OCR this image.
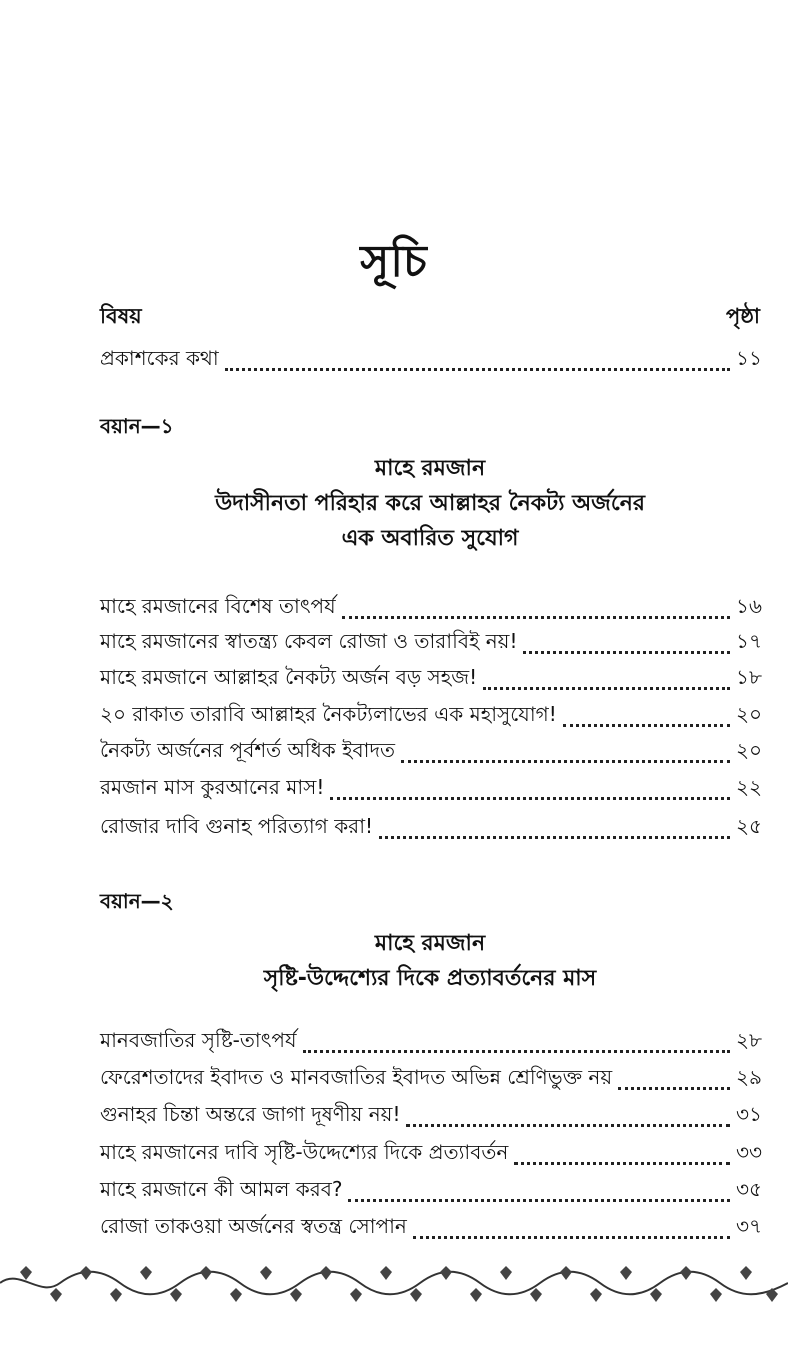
সূচি
বিষয়	পৃষ্ঠা
প্রকাশকের কথা	১১
বয়ান—১
মাহে রমজান
উদাসীনতা পরিহার করে আল্লাহর নৈকট্য অর্জনের
এক অবারিত সুযোগ
মাহে রমজানের বিশেষ তাৎপর্য	১৬
মাহে রমজানের স্বাতন্ত্র্য কেবল রোজা ও তারাবিই নয়!	১৭
মাহে রমজানে আল্লাহর নৈকট্য অর্জন বড় সহজ!	১৮
২০ রাকাত তারাবি আল্লাহর নৈকট্যলাভের এক মহাসুযোগ!	২০
নৈকট্য অর্জনের পূর্বশর্ত অধিক ইবাদত	২০
রমজান মাস কুরআনের মাস!	২২
রোজার দাবি গুনাহ পরিত্যাগ করা!	২৫
বয়ান—২
মাহে রমজান
সৃষ্টি-উদ্দেশ্যের দিকে প্রত্যাবর্তনের মাস
মানবজাতির সৃষ্টি-তাৎপর্য	২৮
ফেরেশতাদের ইবাদত ও মানবজাতির ইবাদত অভিন্ন শ্রেণিভুক্ত নয়	২৯
গুনাহর চিন্তা অন্তরে জাগা দূষণীয় নয়!	৩১
মাহে রমজানের দাবি সৃষ্টি-উদ্দেশ্যের দিকে প্রত্যাবর্তন	৩৩
মাহে রমজানে কী আমল করব?	৩৫
রোজা তাকওয়া অর্জনের স্বতন্ত্র সোপান	৩৭
